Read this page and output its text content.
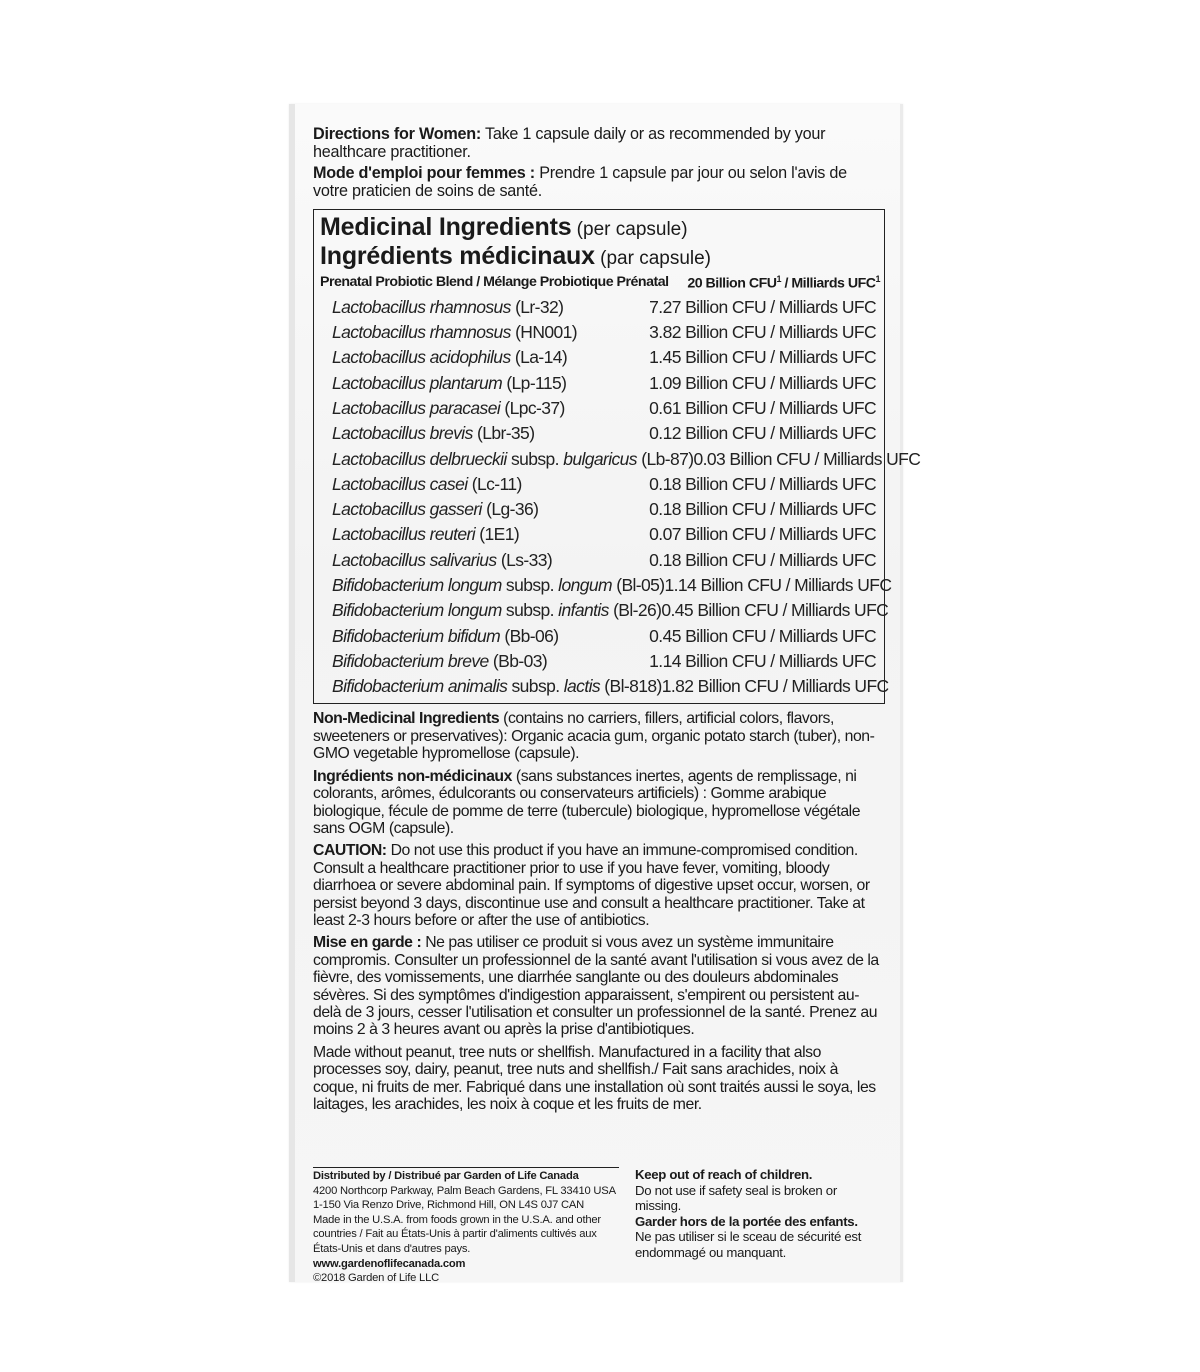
Directions for Women: Take 1 capsule daily or as recommended by your healthcare practitioner.

Mode d'emploi pour femmes : Prendre 1 capsule par jour ou selon l'avis de votre praticien de soins de santé.

Medicinal Ingredients (per capsule)
Ingrédients médicinaux (par capsule)
Prenatal Probiotic Blend / Mélange Probiotique Prénatal 20 Billion CFU$^1$ / Milliards UFC$^1$
Lactobacillus rhamnosus (Lr-32)	7.27 Billion CFU / Milliards UFC
Lactobacillus rhamnosus (HN001)	3.82 Billion CFU / Milliards UFC
Lactobacillus acidophilus (La-14)	1.45 Billion CFU / Milliards UFC
Lactobacillus plantarum (Lp-115)	1.09 Billion CFU / Milliards UFC
Lactobacillus paracasei (Lpc-37)	0.61 Billion CFU / Milliards UFC
Lactobacillus brevis (Lbr-35)	0.12 Billion CFU / Milliards UFC
Lactobacillus delbrueckii subsp. bulgaricus (Lb-87) 0.03 Billion CFU / Milliards UFC
Lactobacillus casei (Lc-11)	0.18 Billion CFU / Milliards UFC
Lactobacillus gasseri (Lg-36)	0.18 Billion CFU / Milliards UFC
Lactobacillus reuteri (1E1)	0.07 Billion CFU / Milliards UFC
Lactobacillus salivarius (Ls-33)	0.18 Billion CFU / Milliards UFC
Bifidobacterium longum subsp. longum (Bl-05) 1.14 Billion CFU / Milliards UFC
Bifidobacterium longum subsp. infantis (Bl-26) 0.45 Billion CFU / Milliards UFC
Bifidobacterium bifidum (Bb-06)	0.45 Billion CFU / Milliards UFC
Bifidobacterium breve (Bb-03)	1.14 Billion CFU / Milliards UFC
Bifidobacterium animalis subsp. lactis (Bl-818) 1.82 Billion CFU / Milliards UFC

Non-Medicinal Ingredients (contains no carriers, fillers, artificial colors, flavors, sweeteners or preservatives): Organic acacia gum, organic potato starch (tuber), non-GMO vegetable hypromellose (capsule).

Ingrédients non-médicinaux (sans substances inertes, agents de remplissage, ni colorants, arômes, édulcorants ou conservateurs artificiels) : Gomme arabique biologique, fécule de pomme de terre (tubercule) biologique, hypromellose végétale sans OGM (capsule).

CAUTION: Do not use this product if you have an immune-compromised condition. Consult a healthcare practitioner prior to use if you have fever, vomiting, bloody diarrhoea or severe abdominal pain. If symptoms of digestive upset occur, worsen, or persist beyond 3 days, discontinue use and consult a healthcare practitioner. Take at least 2-3 hours before or after the use of antibiotics.

Mise en garde : Ne pas utiliser ce produit si vous avez un système immunitaire compromis. Consulter un professionnel de la santé avant l'utilisation si vous avez de la fièvre, des vomissements, une diarrhée sanglante ou des douleurs abdominales sévères. Si des symptômes d'indigestion apparaissent, s'empirent ou persistent au-delà de 3 jours, cesser l'utilisation et consulter un professionnel de la santé. Prenez au moins 2 à 3 heures avant ou après la prise d'antibiotiques.

Made without peanut, tree nuts or shellfish. Manufactured in a facility that also processes soy, dairy, peanut, tree nuts and shellfish./ Fait sans arachides, noix à coque, ni fruits de mer. Fabriqué dans une installation où sont traités aussi le soya, les laitages, les arachides, les noix à coque et les fruits de mer.

Distributed by / Distribué par Garden of Life Canada
4200 Northcorp Parkway, Palm Beach Gardens, FL 33410 USA
1-150 Via Renzo Drive, Richmond Hill, ON L4S 0J7 CAN
Made in the U.S.A. from foods grown in the U.S.A. and other countries / Fait au États-Unis à partir d'aliments cultivés aux États-Unis et dans d'autres pays. www.gardenoflifecanada.com
©2018 Garden of Life LLC
Keep out of reach of children.
Do not use if safety seal is broken or missing.
Garder hors de la portée des enfants.
Ne pas utiliser si le sceau de sécurité est endommagé ou manquant.
